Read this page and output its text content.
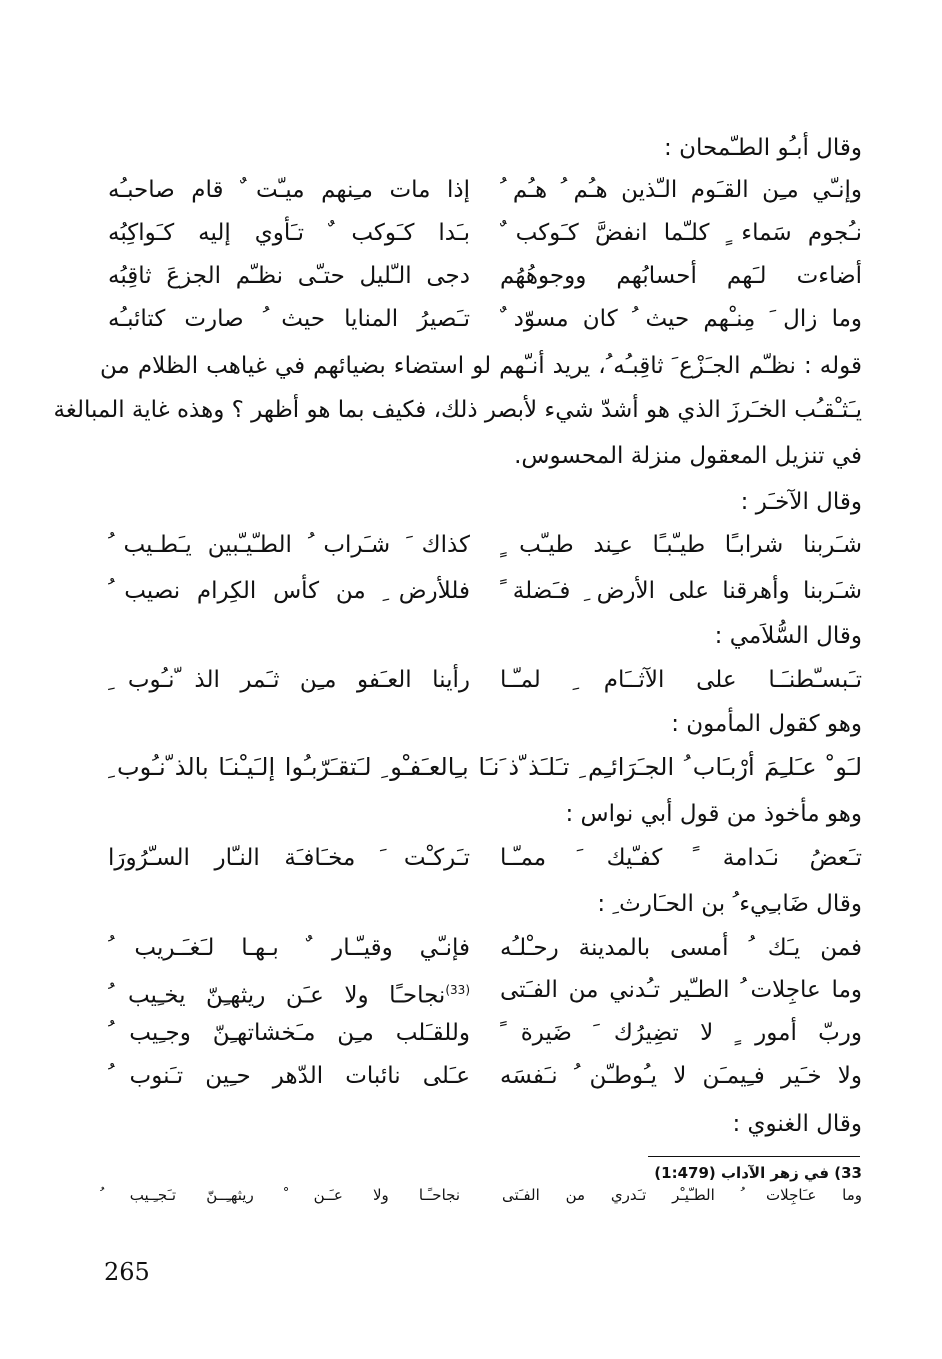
وقال أبـُو الطـّمحان :
وإنـّي مـِن القـَوم الـّذين هـُم ُ هـُم ُ
إذا مات مـِنهم ميـّت ٌ قام صاحبـُه
نـُجوم سَماء ٍ كلـّما انفضَّ كـَوكب ٌ
بـَدا كـَوكب ٌ تـَأوي إليه كـَواكِبُه
أضاءت لـَهم أحسابُهم ووجوهُهُم
دجى الـّليل حتـّى نظـّم الجزعَ ثاقِبُه
وما زال َ مِنـْهم حيث ُ كان مسوّد ٌ
تـَصيرُ المنايا حيث ُ صارت كتائبـُه
قوله : نظـّم الجـَزْع َ ثاقِبـُه ُ، يريد أنـّهم لو استضاء بضيائهم في غياهب الظلام من
يـَثـْقـُب الخـَرزَ الذي هو أشدّ شيء لأبصر ذلك، فكيف بما هو أظهر ؟ وهذه غاية المبالغة
في تنزيل المعقول منزلة المحسوس.
وقال الآخـَر :
شـَربنا شرابـًا طيـّبـًا عـِند طيـّب ٍ
كذاك َ شـَراب ُ الطـّيـّبين يـَطـيب ُ
شـَربنا وأهرقنا على الأرض ِ فـَضلة ً
فللأرض ِ من كأس الكِرام نصيب ُ
وقال السُّلاَمي :
تـَبسـّطنـَـا على الآثــَام ِ لمـّـا
رأينا العـَفو مـِن ثـَمر الذ ّنـُوب ِ
وهو كقول المأمون :
لـَو ْ عـَلـِمَ أرْبـَاب ُ الجـَرَائـِم ِ تـَلـَذ ّذ َنـَا بـِالعـَفـْو ِ لـَتقـَرّبـُوا إلـَيـْنـَا بالذ ّنـُوب ِ
وهو مأخوذ من قول أبي نواس :
تـَعضُ نـَدامة ً كفـّيك َ ممـّـا
تـَركـْت َ مخـَافـَة النـّار السـّرُورَا
وقال ضَابـِيء ُ بن الحـَارث ِ :
فمن يـَك ُ أمسى بالمدينة رحـْلـُه
فإنـّي وقيـّـار ٌ بـهـا لـَغـَـريب ُ
وما عاجِلات ُ الطـّير تـُدني من الفـَتى
$^{(33)}$نجاحـًا ولا عـَن ريثهـِنّ يخـِيب ُ
وربّ أمور ٍ لا تضِيرُك َ ضَيرة ً
وللقـَلب مـِن مـَخشاتهـِنّ وجـِيب ُ
ولا خـَير فـِيمـَن لا يـُوطـّن ُ نـَفسَه
عـَلى نائبات الدّهر حـِين تـَنوب ُ
وقال الغنوي :
33) في زهر الآداب (1:479)
وما عـَاجِلات ُ الطـّيـْر تـَدري من الفـَتى
نجاحـًـا ولا عـَـن ْ ريثهـِــنّ تـَجـِـيب ُ
265
